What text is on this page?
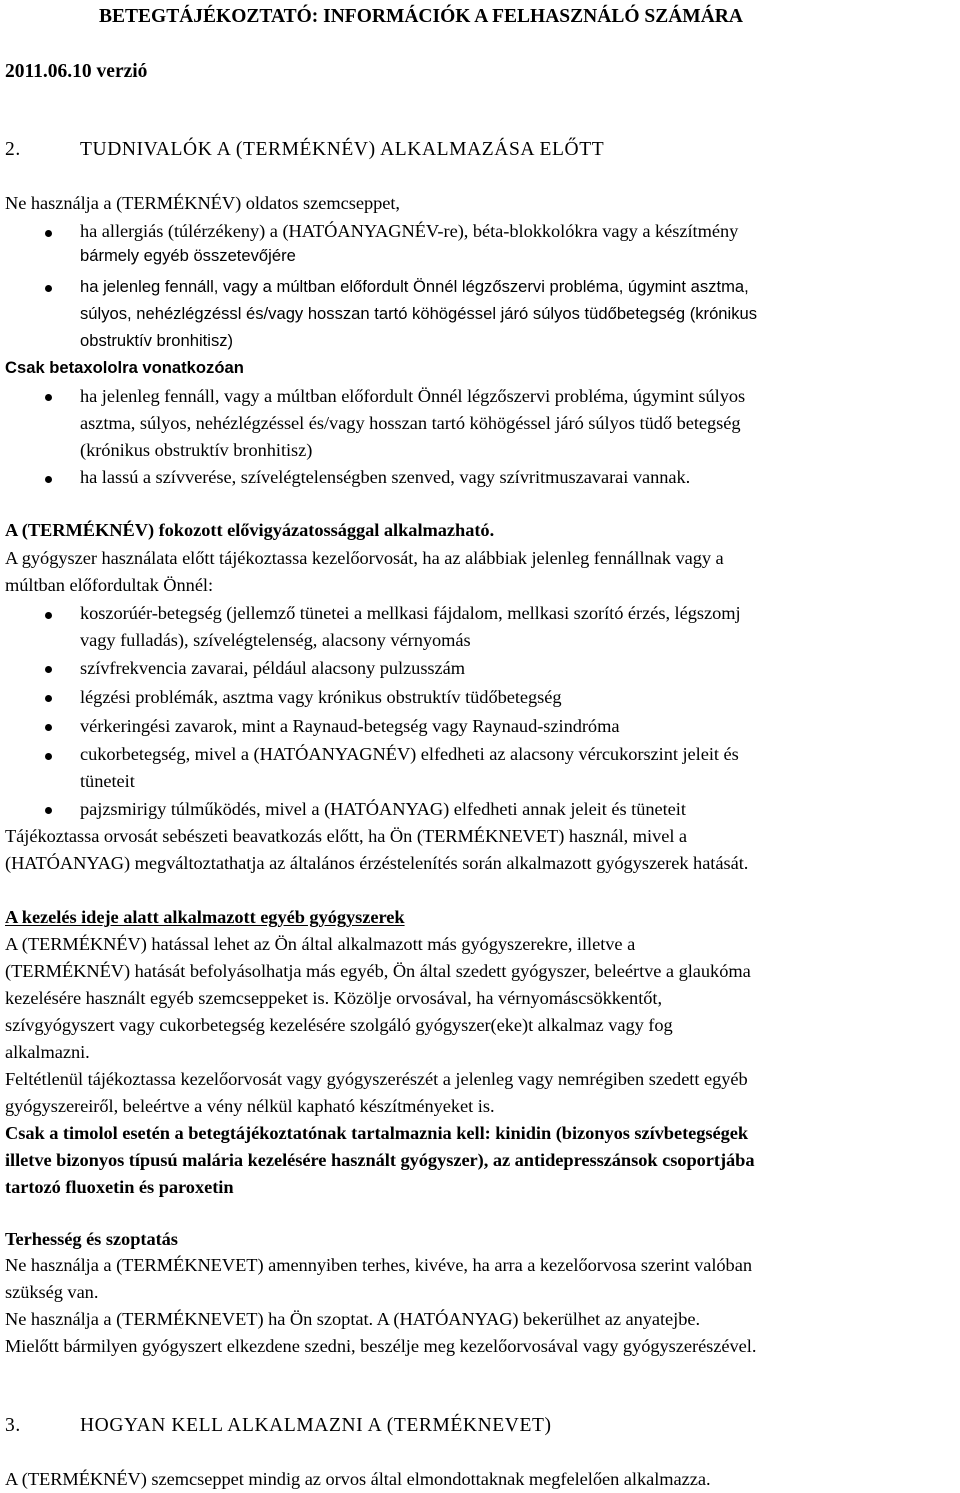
BETEGTÁJÉKOZTATÓ: INFORMÁCIÓK A FELHASZNÁLÓ SZÁMÁRA
2011.06.10 verzió
2.	TUDNIVALÓK A (TERMÉKNÉV) ALKALMAZÁSA ELŐTT
Ne használja a (TERMÉKNÉV) oldatos szemcseppet,
ha allergiás (túlérzékeny) a (HATÓANYAGNÉV-re), béta-blokkolókra vagy a készítmény
bármely egyéb összetevőjére
ha jelenleg fennáll, vagy a múltban előfordult Önnél légzőszervi probléma, úgymint asztma,
súlyos, nehézlégzéssl és/vagy hosszan tartó köhögéssel járó súlyos tüdőbetegség (krónikus
obstruktív bronhitisz)
Csak betaxololra vonatkozóan
ha jelenleg fennáll, vagy a múltban előfordult Önnél légzőszervi probléma, úgymint súlyos
asztma, súlyos, nehézlégzéssel és/vagy hosszan tartó köhögéssel járó súlyos tüdő betegség
(krónikus obstruktív bronhitisz)
ha lassú a szívverése, szívelégtelenségben szenved, vagy szívritmuszavarai vannak.
A (TERMÉKNÉV) fokozott elővigyázatossággal alkalmazható.
A gyógyszer használata előtt tájékoztassa kezelőorvosát, ha az alábbiak jelenleg fennállnak vagy a
múltban előfordultak Önnél:
koszorúér-betegség (jellemző tünetei a mellkasi fájdalom, mellkasi szorító érzés, légszomj
vagy fulladás), szívelégtelenség, alacsony vérnyomás
szívfrekvencia zavarai, például alacsony pulzusszám
légzési problémák, asztma vagy krónikus obstruktív tüdőbetegség
vérkeringési zavarok, mint a Raynaud-betegség vagy Raynaud-szindróma
cukorbetegség, mivel a (HATÓANYAGNÉV) elfedheti az alacsony vércukorszint jeleit és
tüneteit
pajzsmirigy túlműködés, mivel a (HATÓANYAG) elfedheti annak jeleit és tüneteit
Tájékoztassa orvosát sebészeti beavatkozás előtt, ha Ön (TERMÉKNEVET) használ, mivel a
(HATÓANYAG) megváltoztathatja az általános érzéstelenítés során alkalmazott gyógyszerek hatását.
A kezelés ideje alatt alkalmazott egyéb gyógyszerek
A (TERMÉKNÉV) hatással lehet az Ön által alkalmazott más gyógyszerekre, illetve a
(TERMÉKNÉV) hatását befolyásolhatja más egyéb, Ön által szedett gyógyszer, beleértve a glaukóma
kezelésére használt egyéb szemcseppeket is. Közölje orvosával, ha vérnyomáscsökkentőt,
szívgyógyszert vagy cukorbetegség kezelésére szolgáló gyógyszer(eke)t alkalmaz vagy fog
alkalmazni.
Feltétlenül tájékoztassa kezelőorvosát vagy gyógyszerészét a jelenleg vagy nemrégiben szedett egyéb
gyógyszereiről, beleértve a vény nélkül kapható készítményeket is.
Csak a timolol esetén a betegtájékoztatónak tartalmaznia kell: kinidin (bizonyos szívbetegségek
illetve bizonyos típusú malária kezelésére használt gyógyszer), az antidepresszánsok csoportjába
tartozó fluoxetin és paroxetin
Terhesség és szoptatás
Ne használja a (TERMÉKNEVET) amennyiben terhes, kivéve, ha arra a kezelőorvosa szerint valóban
szükség van.
Ne használja a (TERMÉKNEVET) ha Ön szoptat. A (HATÓANYAG) bekerülhet az anyatejbe.
Mielőtt bármilyen gyógyszert elkezdene szedni, beszélje meg kezelőorvosával vagy gyógyszerészével.
3.	HOGYAN KELL ALKALMAZNI A (TERMÉKNEVET)
A (TERMÉKNÉV) szemcseppet mindig az orvos által elmondottaknak megfelelően alkalmazza.
